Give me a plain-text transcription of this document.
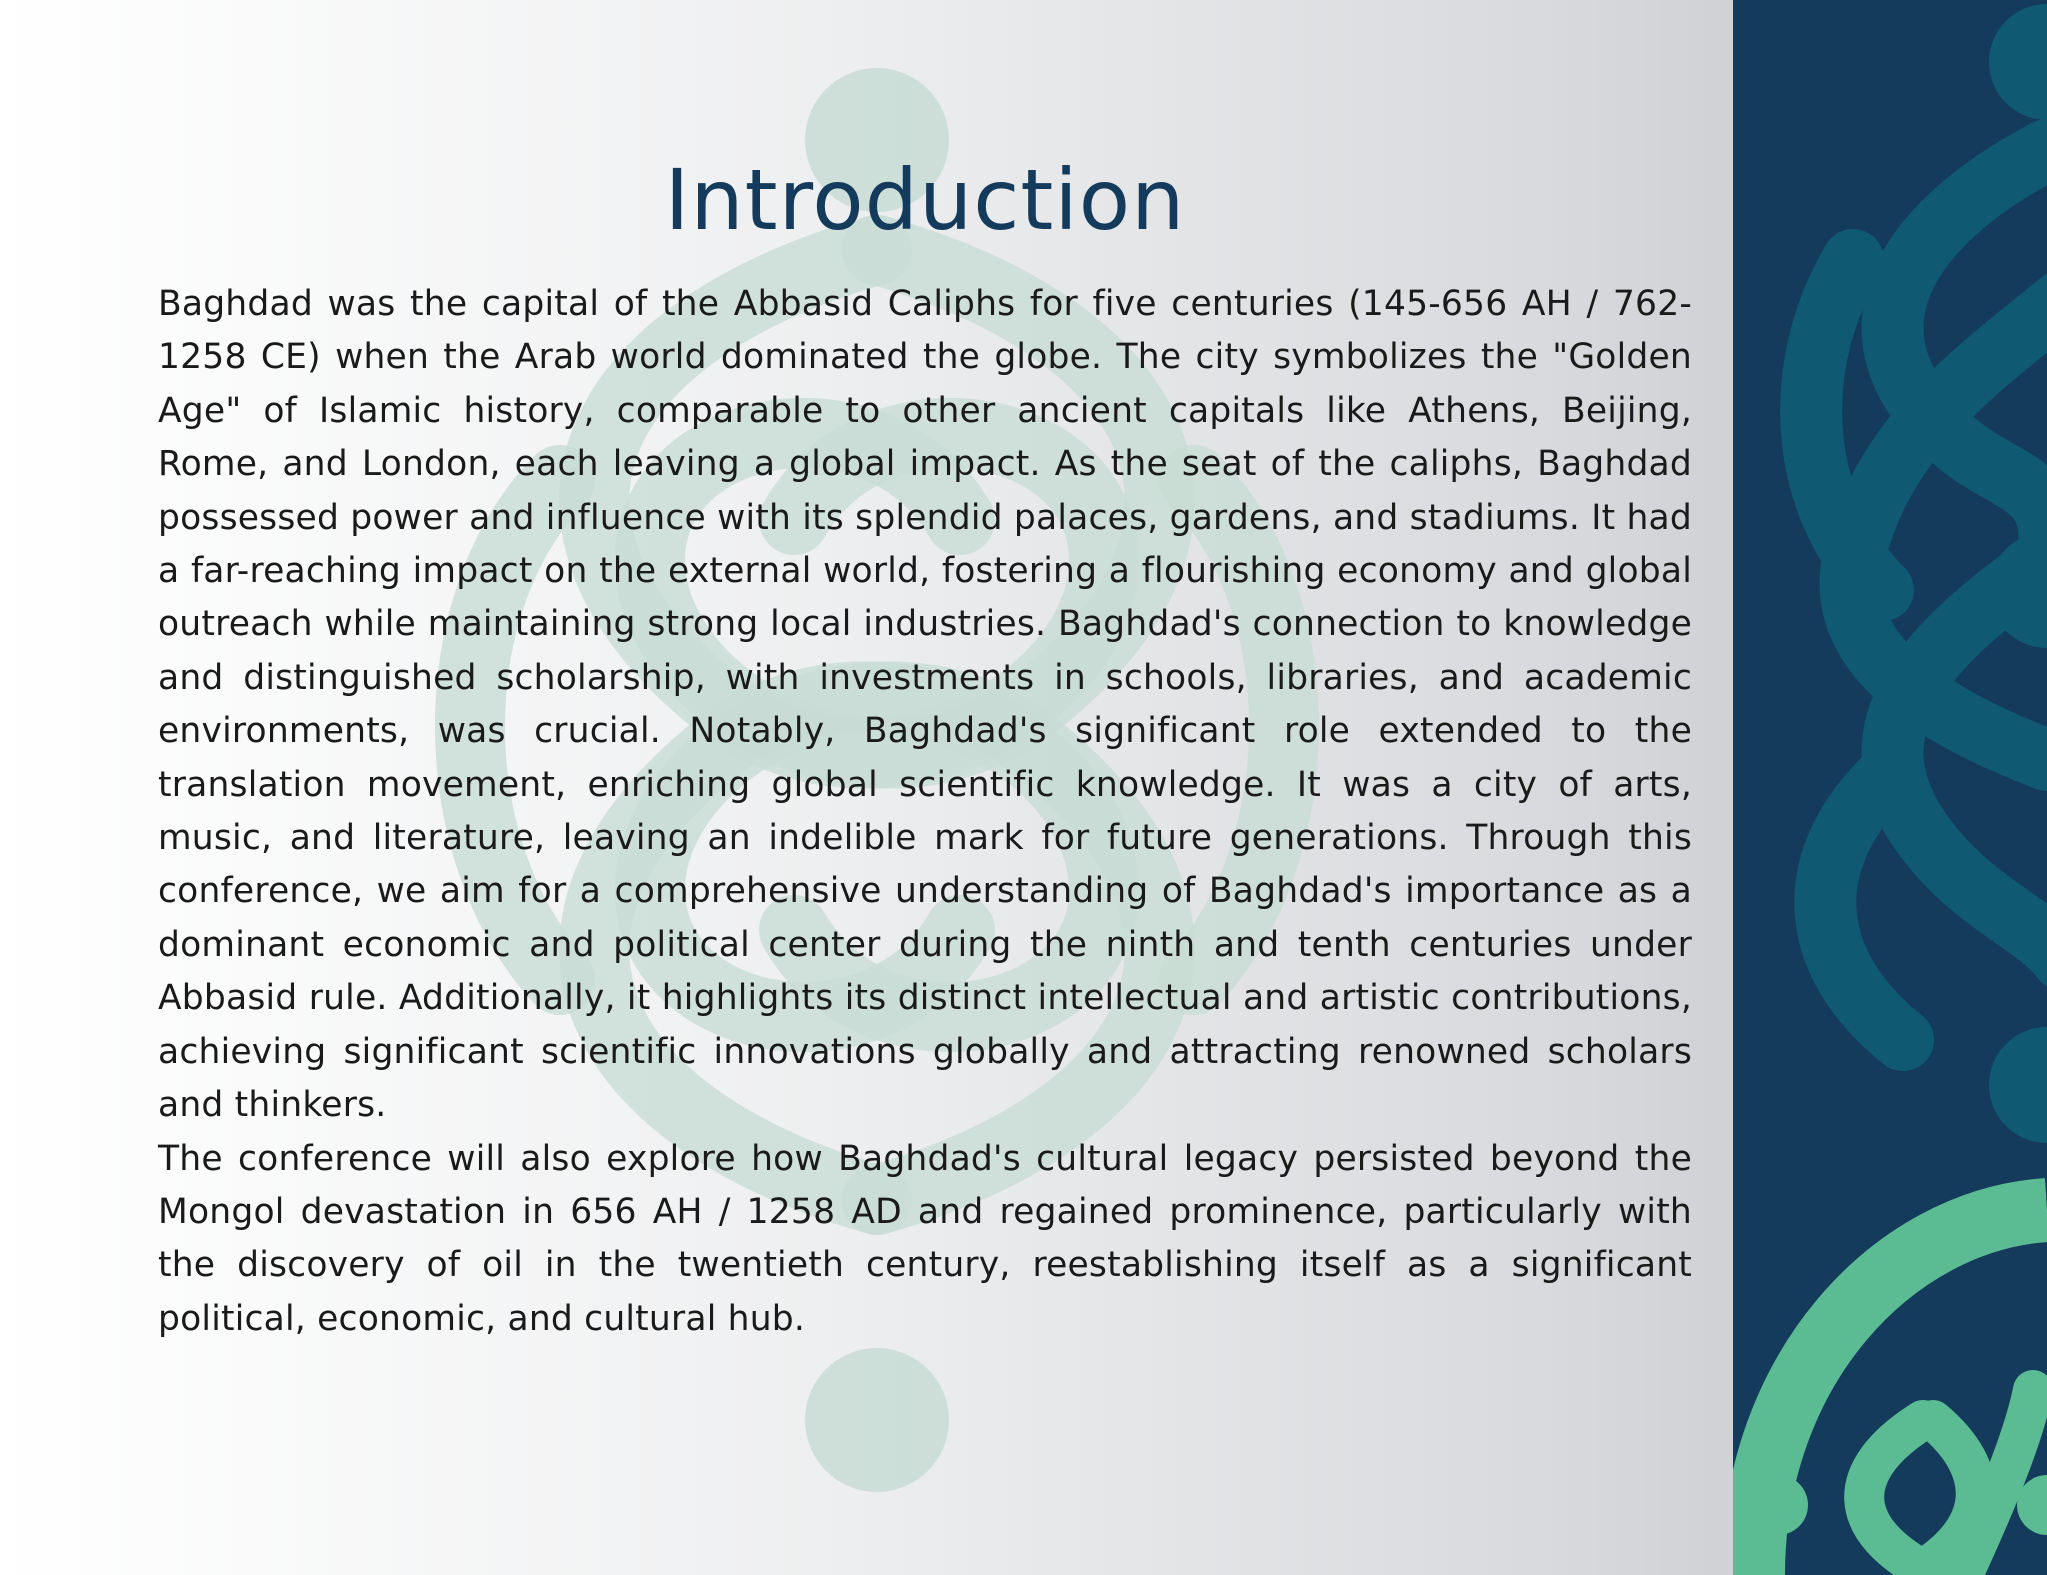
Introduction

Baghdad was the capital of the Abbasid Caliphs for five centuries (145-656 AH / 762-1258 CE) when the Arab world dominated the globe. The city symbolizes the "Golden Age" of Islamic history, comparable to other ancient capitals like Athens, Beijing, Rome, and London, each leaving a global impact. As the seat of the caliphs, Baghdad possessed power and influence with its splendid palaces, gardens, and stadiums. It had a far-reaching impact on the external world, fostering a flourishing economy and global outreach while maintaining strong local industries. Baghdad's connection to knowledge and distinguished scholarship, with investments in schools, libraries, and academic environments, was crucial. Notably, Baghdad's significant role extended to the translation movement, enriching global scientific knowledge. It was a city of arts, music, and literature, leaving an indelible mark for future generations. Through this conference, we aim for a comprehensive understanding of Baghdad's importance as a dominant economic and political center during the ninth and tenth centuries under Abbasid rule. Additionally, it highlights its distinct intellectual and artistic contributions, achieving significant scientific innovations globally and attracting renowned scholars and thinkers.

The conference will also explore how Baghdad's cultural legacy persisted beyond the Mongol devastation in 656 AH / 1258 AD and regained prominence, particularly with the discovery of oil in the twentieth century, reestablishing itself as a significant political, economic, and cultural hub.
